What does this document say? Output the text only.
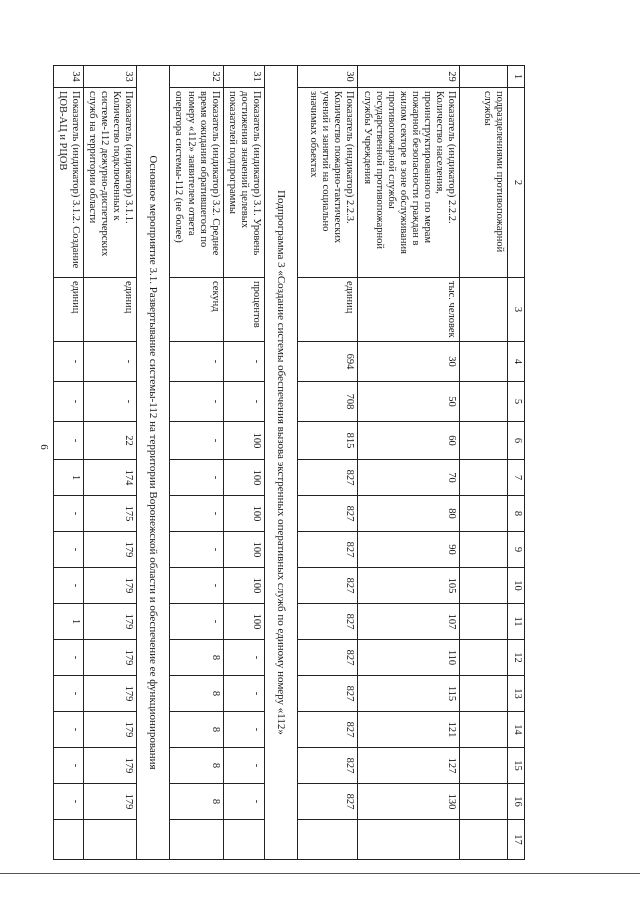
6
1	2	3	4	5	6	7	8	9	10	11	12	13	14	15	16	17
	подразделениями противопожарной службы															
29	Показатель (индикатор) 2.2.2. Количество населения, проинструктированного по мерам пожарной безопасности граждан в жилом секторе в зоне обслуживания противопожарной службы государственной противопожарной службы Учреждения	тыс. человек	30	50	60	70	80	90	105	107	110	115	121	127	130	
30	Показатель (индикатор) 2.2.3. Количество пожарно-тактических учений и занятий на социально значимых объектах	единиц	694	708	815	827	827	827	827	827	827	827	827	827	827	
Подпрограмма 3 «Создание системы обеспечения вызова экстренных оперативных служб по единому номеру «112»																
31	Показатель (индикатор) 3.1. Уровень достижения значений целевых показателей подпрограммы	процентов	-	-	100	100	100	100	100	100	-	-	-	-	-	
32	Показатель (индикатор) 3.2. Среднее время ожидания обратившегося по номеру «112» заявителем ответа оператора системы-112 (не более)	секунд	-	-	-	-	-	-	-	-	8	8	8	8	8	
Основное мероприятие 3.1. Развертывание системы-112 на территории Воронежской области и обеспечение ее функционирования																
33	Показатель (индикатор) 3.1.1. Количество подключенных к системе-112 дежурно-диспетчерских служб на территории области	единиц	-	-	22	174	175	179	179	179	179	179	179	179	179	
34	Показатель (индикатор) 3.1.2. Создание ЦОВ-АЦ и РЦОВ	единиц	-	-	-	1	-	-	-	1	-	-	-	-	-	
